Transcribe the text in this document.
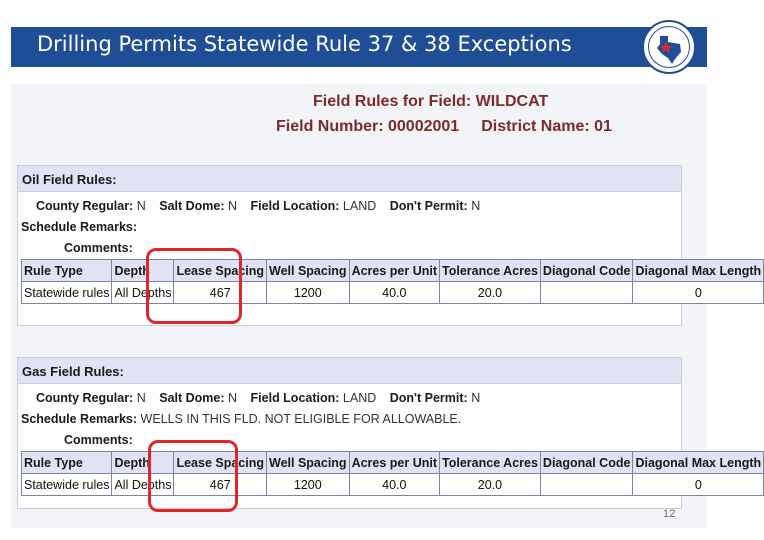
Drilling Permits Statewide Rule 37 & 38 Exceptions
Field Rules for Field: WILDCAT
Field Number: 00002001 District Name: 01
Oil Field Rules:
County Regular: N Salt Dome: N Field Location: LAND Don't Permit: N
Schedule Remarks:
Comments:
Rule Type	Depth	Lease Spacing	Well Spacing	Acres per Unit	Tolerance Acres	Diagonal Code	Diagonal Max Length
Statewide rules	All Depths	467	1200	40.0	20.0		0
Gas Field Rules:
County Regular: N Salt Dome: N Field Location: LAND Don't Permit: N
Schedule Remarks: WELLS IN THIS FLD. NOT ELIGIBLE FOR ALLOWABLE.
Comments:
Rule Type	Depth	Lease Spacing	Well Spacing	Acres per Unit	Tolerance Acres	Diagonal Code	Diagonal Max Length
Statewide rules	All Depths	467	1200	40.0	20.0		0
12
